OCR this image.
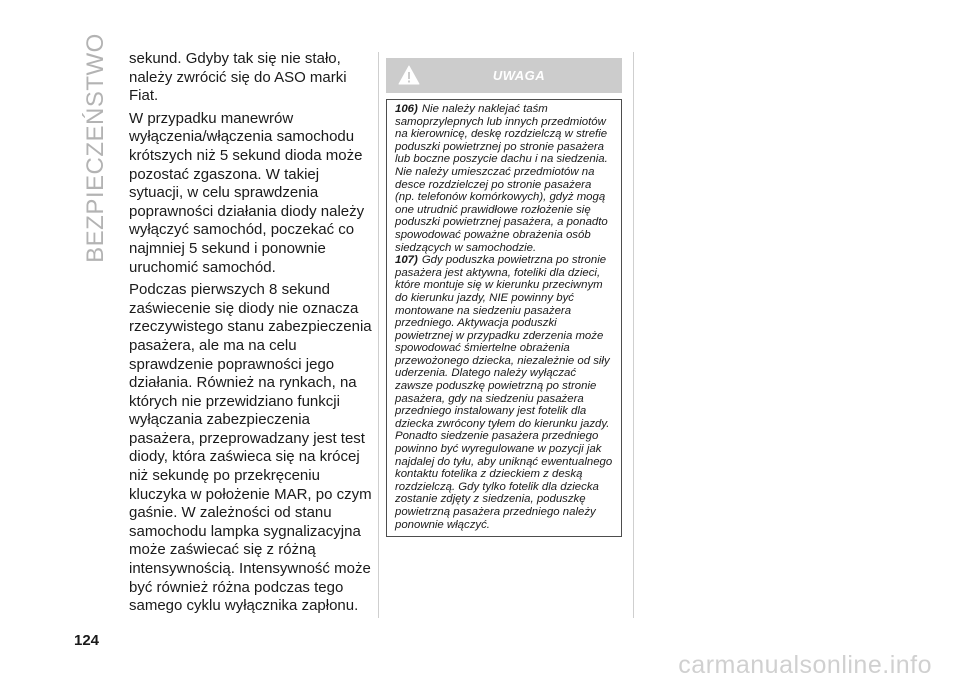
BEZPIECZEŃSTWO sekund. Gdyby tak się nie stało, należy zwrócić się do ASO marki Fiat.

W przypadku manewrów wyłączenia/włączenia samochodu krótszych niż 5 sekund dioda może pozostać zgaszona. W takiej sytuacji, w celu sprawdzenia poprawności działania diody należy wyłączyć samochód, poczekać co najmniej 5 sekund i ponownie uruchomić samochód.

Podczas pierwszych 8 sekund zaświecenie się diody nie oznacza rzeczywistego stanu zabezpieczenia pasażera, ale ma na celu sprawdzenie poprawności jego działania. Również na rynkach, na których nie przewidziano funkcji wyłączania zabezpieczenia pasażera, przeprowadzany jest test diody, która zaświeca się na krócej niż sekundę po przekręceniu kluczyka w położenie MAR, po czym gaśnie. W zależności od stanu samochodu lampka sygnalizacyjna może zaświecać się z różną intensywnością. Intensywność może być również różna podczas tego samego cyklu wyłącznika zapłonu.

UWAGA

106) Nie należy naklejać taśm samoprzylepnych lub innych przedmiotów na kierownicę, deskę rozdzielczą w strefie poduszki powietrznej po stronie pasażera lub boczne poszycie dachu i na siedzenia. Nie należy umieszczać przedmiotów na desce rozdzielczej po stronie pasażera (np. telefonów komórkowych), gdyż mogą one utrudnić prawidłowe rozłożenie się poduszki powietrznej pasażera, a ponadto spowodować poważne obrażenia osób siedzących w samochodzie.

107) Gdy poduszka powietrzna po stronie pasażera jest aktywna, foteliki dla dzieci, które montuje się w kierunku przeciwnym do kierunku jazdy, NIE powinny być montowane na siedzeniu pasażera przedniego. Aktywacja poduszki powietrznej w przypadku zderzenia może spowodować śmiertelne obrażenia przewożonego dziecka, niezależnie od siły uderzenia. Dlatego należy wyłączać zawsze poduszkę powietrzną po stronie pasażera, gdy na siedzeniu pasażera przedniego instalowany jest fotelik dla dziecka zwrócony tyłem do kierunku jazdy. Ponadto siedzenie pasażera przedniego powinno być wyregulowane w pozycji jak najdalej do tyłu, aby uniknąć ewentualnego kontaktu fotelika z dzieckiem z deską rozdzielczą. Gdy tylko fotelik dla dziecka zostanie zdjęty z siedzenia, poduszkę powietrzną pasażera przedniego należy ponownie włączyć.

124
carmanualsonline.info
